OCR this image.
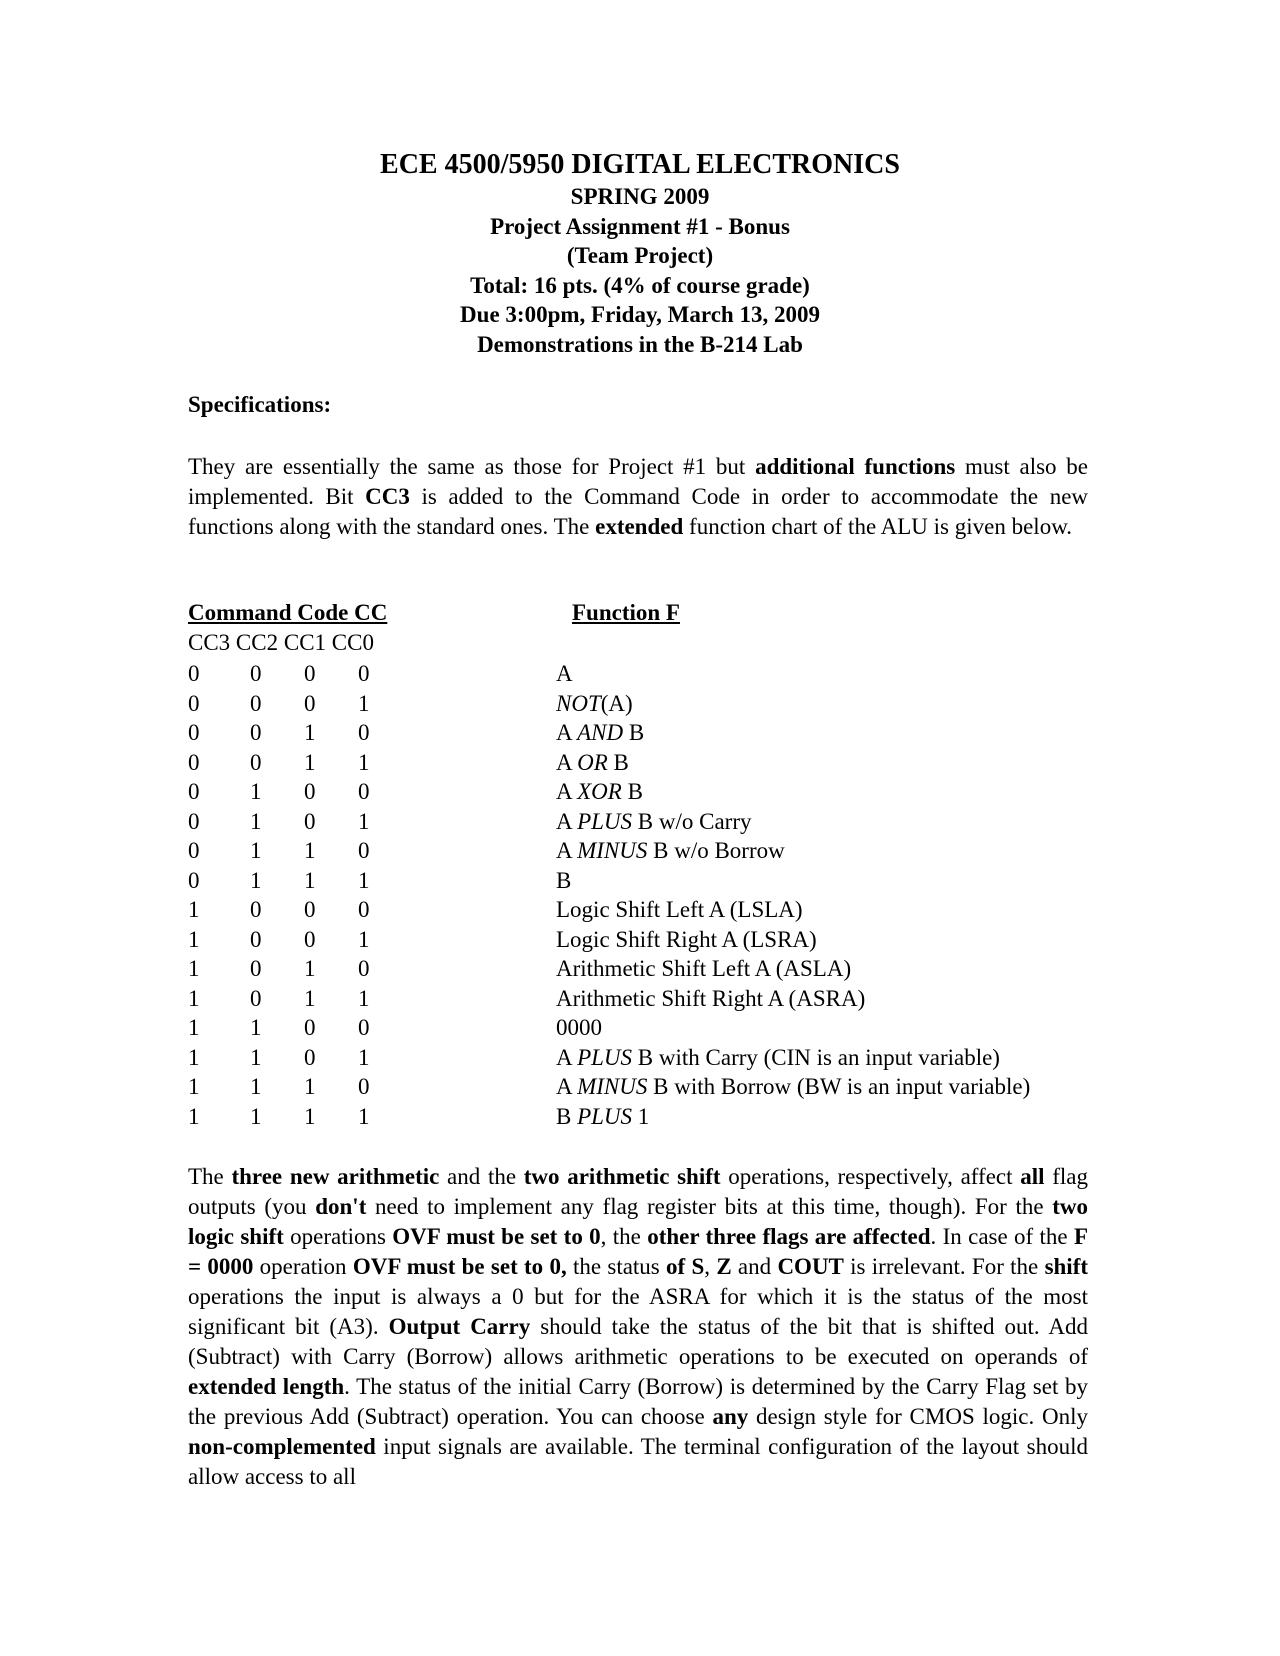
ECE 4500/5950 DIGITAL ELECTRONICS
SPRING 2009
Project Assignment #1 - Bonus
(Team Project)
Total: 16 pts. (4% of course grade)
Due 3:00pm, Friday, March 13, 2009
Demonstrations in the B-214 Lab
Specifications:
They are essentially the same as those for Project #1 but additional functions must also be implemented. Bit CC3 is added to the Command Code in order to accommodate the new functions along with the standard ones. The extended function chart of the ALU is given below.
Command Code CC	Function F
CC3 CC2 CC1 CC0
0 0 0 0	A
0 0 0 1	NOT(A)
0 0 1 0	A AND B
0 0 1 1	A OR B
0 1 0 0	A XOR B
0 1 0 1	A PLUS B w/o Carry
0 1 1 0	A MINUS B w/o Borrow
0 1 1 1	B
1 0 0 0	Logic Shift Left A (LSLA)
1 0 0 1	Logic Shift Right A (LSRA)
1 0 1 0	Arithmetic Shift Left A (ASLA)
1 0 1 1	Arithmetic Shift Right A (ASRA)
1 1 0 0	0000
1 1 0 1	A PLUS B with Carry (CIN is an input variable)
1 1 1 0	A MINUS B with Borrow (BW is an input variable)
1 1 1 1	B PLUS 1
The three new arithmetic and the two arithmetic shift operations, respectively, affect all flag outputs (you don't need to implement any flag register bits at this time, though). For the two logic shift operations OVF must be set to 0, the other three flags are affected. In case of the F = 0000 operation OVF must be set to 0, the status of S, Z and COUT is irrelevant. For the shift operations the input is always a 0 but for the ASRA for which it is the status of the most significant bit (A3). Output Carry should take the status of the bit that is shifted out. Add (Subtract) with Carry (Borrow) allows arithmetic operations to be executed on operands of extended length. The status of the initial Carry (Borrow) is determined by the Carry Flag set by the previous Add (Subtract) operation. You can choose any design style for CMOS logic. Only non-complemented input signals are available. The terminal configuration of the layout should allow access to all
